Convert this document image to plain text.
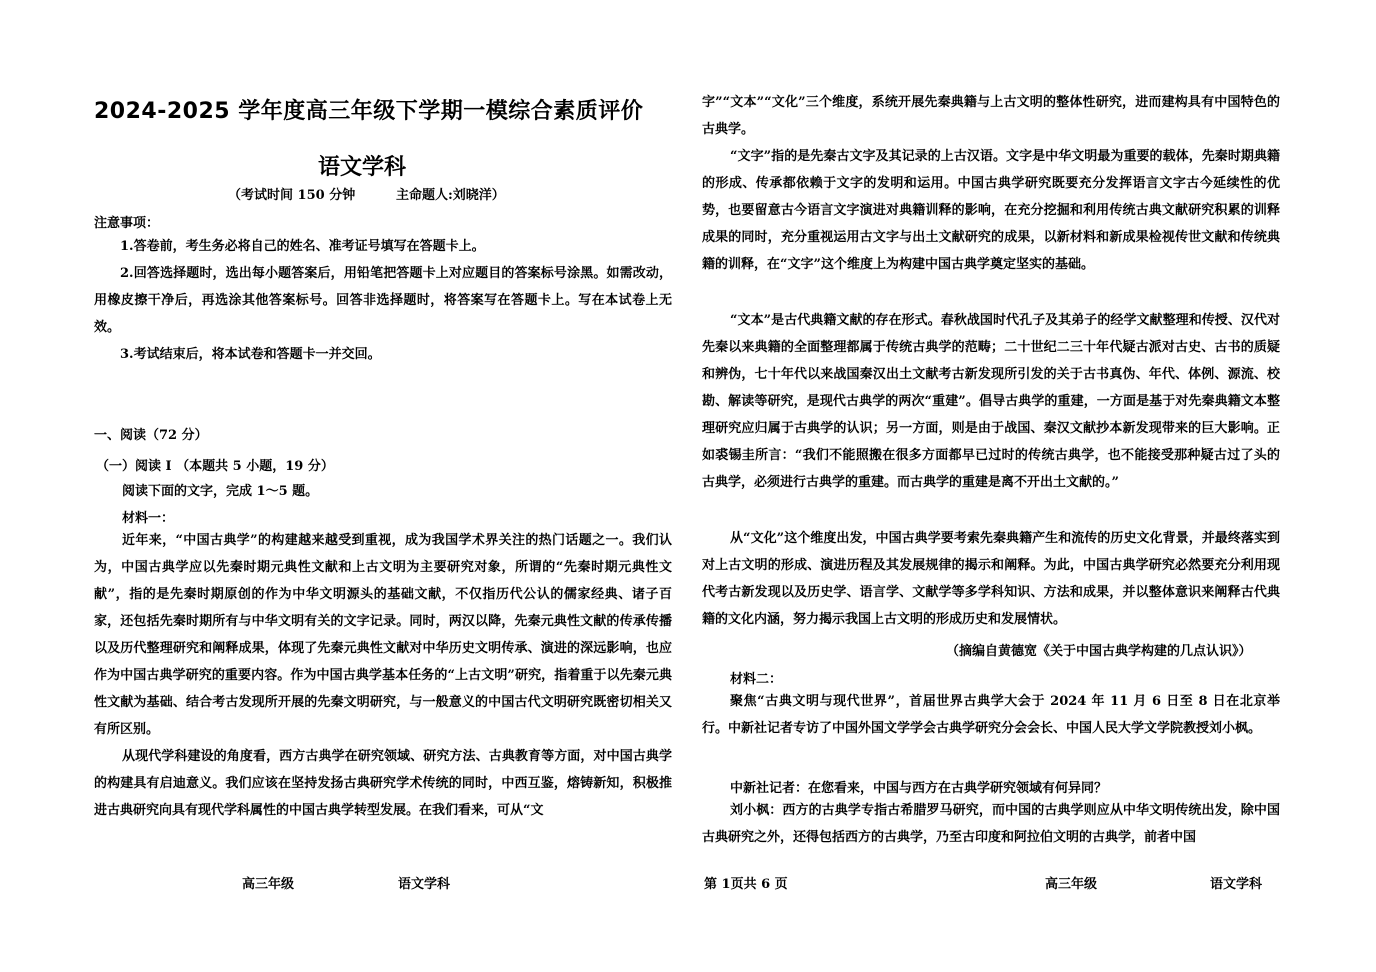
2024-2025 学年度高三年级下学期一模综合素质评价
语文学科
（考试时间 150 分钟	主命题人:刘晓洋）
注意事项：
1.答卷前，考生务必将自己的姓名、准考证号填写在答题卡上。
2.回答选择题时，选出每小题答案后，用铅笔把答题卡上对应题目的答案标号涂黑。如需改动，用橡皮擦干净后，再选涂其他答案标号。回答非选择题时，将答案写在答题卡上。写在本试卷上无效。
3.考试结束后，将本试卷和答题卡一并交回。
一、阅读（72 分）
（一）阅读 I （本题共 5 小题，19 分）
阅读下面的文字，完成 1～5 题。
材料一：
近年来，“中国古典学”的构建越来越受到重视，成为我国学术界关注的热门话题之一。我们认为，中国古典学应以先秦时期元典性文献和上古文明为主要研究对象，所谓的“先秦时期元典性文献”，指的是先秦时期原创的作为中华文明源头的基础文献，不仅指历代公认的儒家经典、诸子百家，还包括先秦时期所有与中华文明有关的文字记录。同时，两汉以降，先秦元典性文献的传承传播以及历代整理研究和阐释成果，体现了先秦元典性文献对中华历史文明传承、演进的深远影响，也应作为中国古典学研究的重要内容。作为中国古典学基本任务的“上古文明”研究，指着重于以先秦元典性文献为基础、结合考古发现所开展的先秦文明研究，与一般意义的中国古代文明研究既密切相关又有所区别。
从现代学科建设的角度看，西方古典学在研究领域、研究方法、古典教育等方面，对中国古典学的构建具有启迪意义。我们应该在坚持发扬古典研究学术传统的同时，中西互鉴，熔铸新知，积极推进古典研究向具有现代学科属性的中国古典学转型发展。在我们看来，可从“文
字”“文本”“文化”三个维度，系统开展先秦典籍与上古文明的整体性研究，进而建构具有中国特色的古典学。
“文字”指的是先秦古文字及其记录的上古汉语。文字是中华文明最为重要的载体，先秦时期典籍的形成、传承都依赖于文字的发明和运用。中国古典学研究既要充分发挥语言文字古今延续性的优势，也要留意古今语言文字演进对典籍训释的影响，在充分挖掘和利用传统古典文献研究积累的训释成果的同时，充分重视运用古文字与出土文献研究的成果，以新材料和新成果检视传世文献和传统典籍的训释，在“文字”这个维度上为构建中国古典学奠定坚实的基础。
“文本”是古代典籍文献的存在形式。春秋战国时代孔子及其弟子的经学文献整理和传授、汉代对先秦以来典籍的全面整理都属于传统古典学的范畴；二十世纪二三十年代疑古派对古史、古书的质疑和辨伪，七十年代以来战国秦汉出土文献考古新发现所引发的关于古书真伪、年代、体例、源流、校勘、解读等研究，是现代古典学的两次“重建”。倡导古典学的重建，一方面是基于对先秦典籍文本整理研究应归属于古典学的认识；另一方面，则是由于战国、秦汉文献抄本新发现带来的巨大影响。正如裘锡圭所言：“我们不能照搬在很多方面都早已过时的传统古典学，也不能接受那种疑古过了头的古典学，必须进行古典学的重建。而古典学的重建是离不开出土文献的。”
从“文化”这个维度出发，中国古典学要考索先秦典籍产生和流传的历史文化背景，并最终落实到对上古文明的形成、演进历程及其发展规律的揭示和阐释。为此，中国古典学研究必然要充分利用现代考古新发现以及历史学、语言学、文献学等多学科知识、方法和成果，并以整体意识来阐释古代典籍的文化内涵，努力揭示我国上古文明的形成历史和发展情状。
（摘编自黄德宽《关于中国古典学构建的几点认识》）
材料二：
聚焦“古典文明与现代世界”，首届世界古典学大会于 2024 年 11 月 6 日至 8 日在北京举行。中新社记者专访了中国外国文学学会古典学研究分会会长、中国人民大学文学院教授刘小枫。
中新社记者：在您看来，中国与西方在古典学研究领域有何异同？
刘小枫：西方的古典学专指古希腊罗马研究，而中国的古典学则应从中华文明传统出发，除中国古典研究之外，还得包括西方的古典学，乃至古印度和阿拉伯文明的古典学，前者中国
高三年级	语文学科	第 1页共 6 页	高三年级	语文学科
